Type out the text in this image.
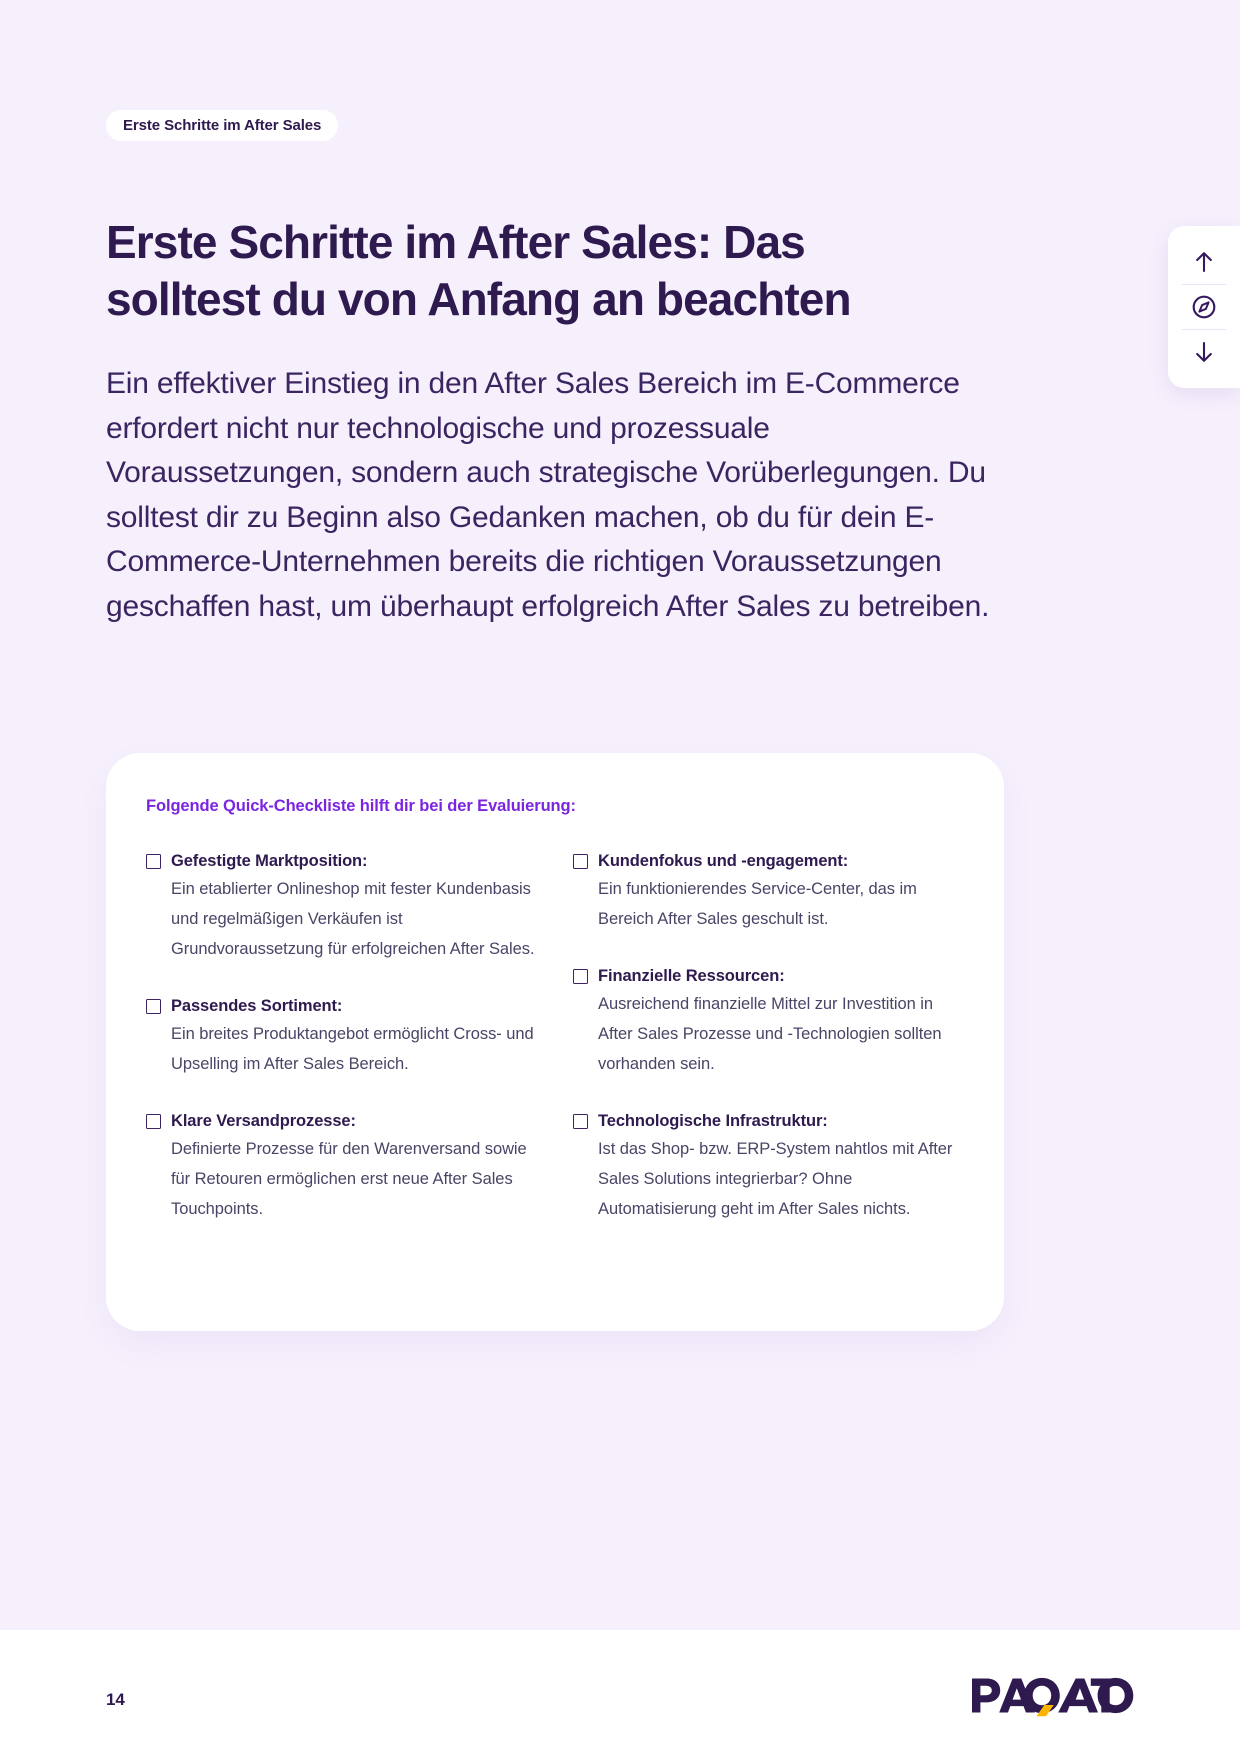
Erste Schritte im After Sales
Erste Schritte im After Sales: Das solltest du von Anfang an beachten

Ein effektiver Einstieg in den After Sales Bereich im E-Commerce erfordert nicht nur technologische und prozessuale Voraussetzungen, sondern auch strategische Vorüberlegungen. Du solltest dir zu Beginn also Gedanken machen, ob du für dein E-Commerce-Unternehmen bereits die richtigen Voraussetzungen geschaffen hast, um überhaupt erfolgreich After Sales zu betreiben.

Folgende Quick-Checkliste hilft dir bei der Evaluierung:
Gefestigte Marktposition:
Ein etablierter Onlineshop mit fester Kundenbasis und regelmäßigen Verkäufen ist Grundvoraussetzung für erfolgreichen After Sales.
Passendes Sortiment:
Ein breites Produktangebot ermöglicht Cross- und Upselling im After Sales Bereich.
Klare Versandprozesse:
Definierte Prozesse für den Warenversand sowie für Retouren ermöglichen erst neue After Sales Touchpoints.
Kundenfokus und -engagement:
Ein funktionierendes Service-Center, das im Bereich After Sales geschult ist.
Finanzielle Ressourcen:
Ausreichend finanzielle Mittel zur Investition in After Sales Prozesse und -Technologien sollten vorhanden sein.
Technologische Infrastruktur:
Ist das Shop- bzw. ERP-System nahtlos mit After Sales Solutions integrierbar? Ohne Automatisierung geht im After Sales nichts.
14
